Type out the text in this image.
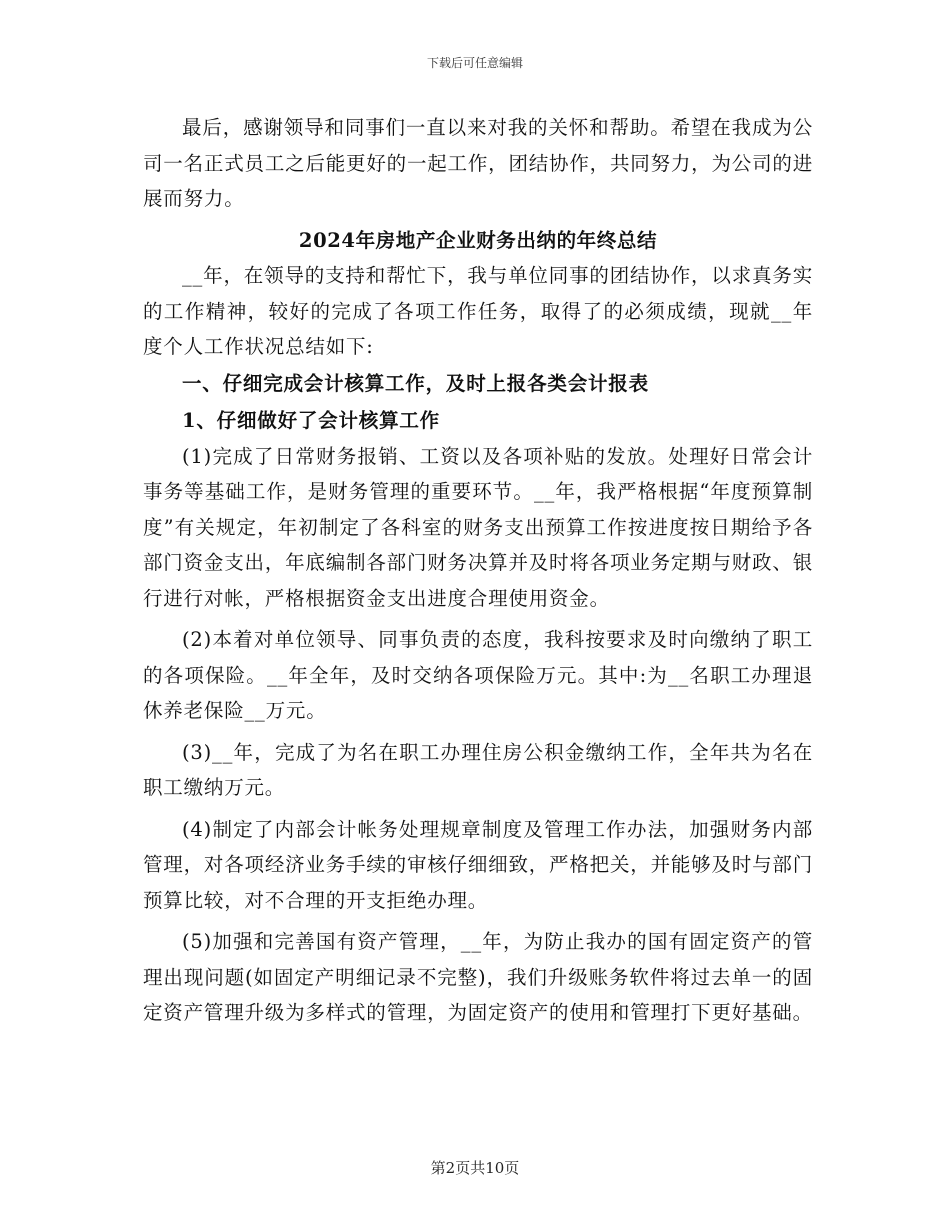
下载后可任意编辑

最后，感谢领导和同事们一直以来对我的关怀和帮助。希望在我成为公司一名正式员工之后能更好的一起工作，团结协作，共同努力，为公司的进展而努力。

2024年房地产企业财务出纳的年终总结

__年，在领导的支持和帮忙下，我与单位同事的团结协作，以求真务实的工作精神，较好的完成了各项工作任务，取得了的必须成绩，现就__年度个人工作状况总结如下:

一、仔细完成会计核算工作，及时上报各类会计报表

1、仔细做好了会计核算工作

(1)完成了日常财务报销、工资以及各项补贴的发放。处理好日常会计事务等基础工作，是财务管理的重要环节。__年，我严格根据“年度预算制度”有关规定，年初制定了各科室的财务支出预算工作按进度按日期给予各部门资金支出，年底编制各部门财务决算并及时将各项业务定期与财政、银行进行对帐，严格根据资金支出进度合理使用资金。

(2)本着对单位领导、同事负责的态度，我科按要求及时向缴纳了职工的各项保险。__年全年，及时交纳各项保险万元。其中:为__名职工办理退休养老保险__万元。

(3)__年，完成了为名在职工办理住房公积金缴纳工作，全年共为名在职工缴纳万元。

(4)制定了内部会计帐务处理规章制度及管理工作办法，加强财务内部管理，对各项经济业务手续的审核仔细细致，严格把关，并能够及时与部门预算比较，对不合理的开支拒绝办理。

(5)加强和完善国有资产管理，__年，为防止我办的国有固定资产的管理出现问题(如固定产明细记录不完整)，我们升级账务软件将过去单一的固定资产管理升级为多样式的管理，为固定资产的使用和管理打下更好基础。

第2页共10页
